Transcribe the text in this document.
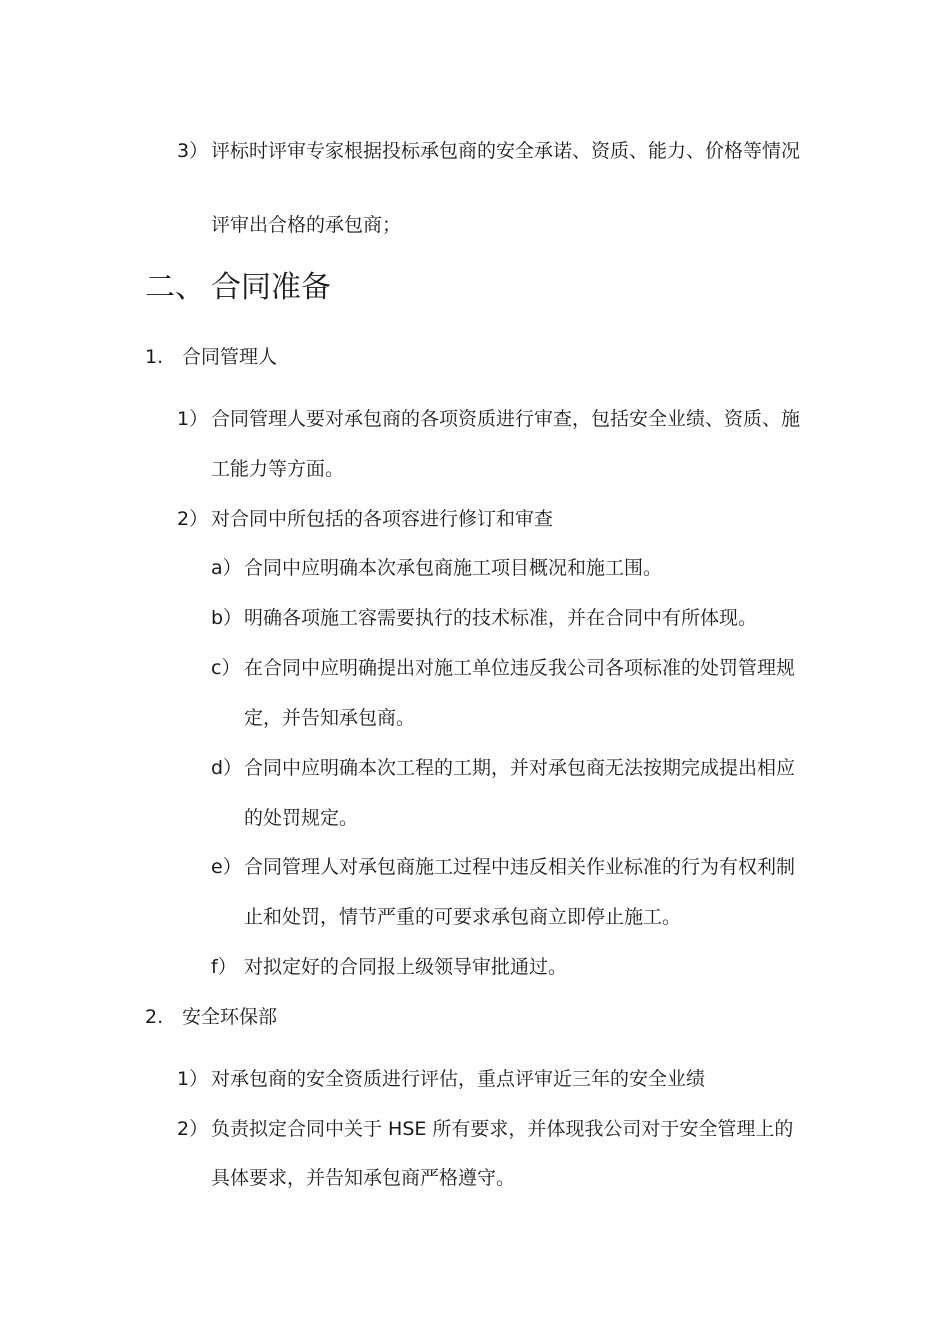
3） 评标时评审专家根据投标承包商的安全承诺、资质、能力、价格等情况
评审出合格的承包商；
二、 合同准备
1. 合同管理人
1） 合同管理人要对承包商的各项资质进行审查，包括安全业绩、资质、施
工能力等方面。
2） 对合同中所包括的各项容进行修订和审查
a） 合同中应明确本次承包商施工项目概况和施工围。
b） 明确各项施工容需要执行的技术标准，并在合同中有所体现。
c） 在合同中应明确提出对施工单位违反我公司各项标准的处罚管理规
定，并告知承包商。
d） 合同中应明确本次工程的工期，并对承包商无法按期完成提出相应
的处罚规定。
e） 合同管理人对承包商施工过程中违反相关作业标准的行为有权利制
止和处罚，情节严重的可要求承包商立即停止施工。
f） 对拟定好的合同报上级领导审批通过。
2. 安全环保部
1） 对承包商的安全资质进行评估，重点评审近三年的安全业绩
2） 负责拟定合同中关于 HSE 所有要求，并体现我公司对于安全管理上的
具体要求，并告知承包商严格遵守。
